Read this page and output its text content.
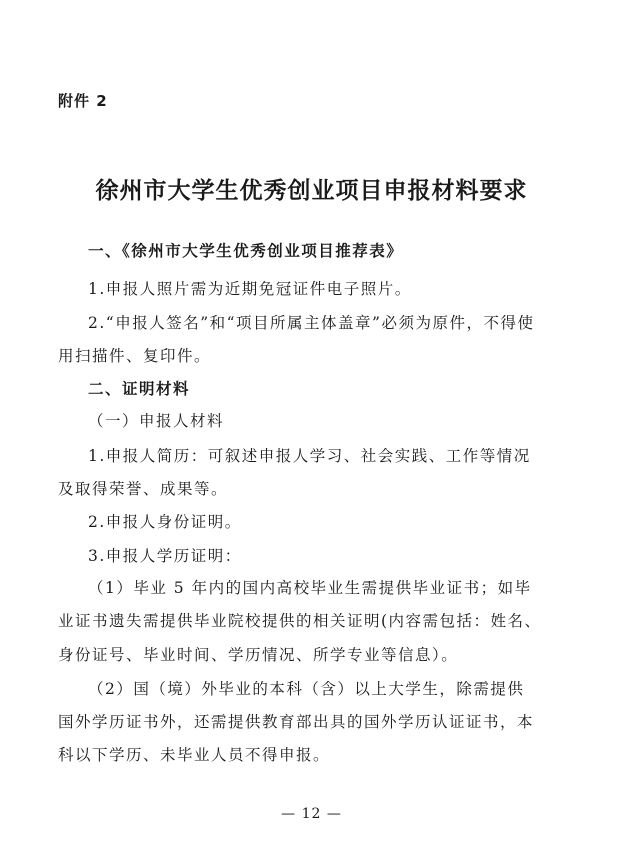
附件 2
徐州市大学生优秀创业项目申报材料要求
一、《徐州市大学生优秀创业项目推荐表》
1.申报人照片需为近期免冠证件电子照片。
2.“申报人签名”和“项目所属主体盖章”必须为原件，不得使
用扫描件、复印件。
二、证明材料
（一）申报人材料
1.申报人简历：可叙述申报人学习、社会实践、工作等情况
及取得荣誉、成果等。
2.申报人身份证明。
3.申报人学历证明：
（1）毕业 5 年内的国内高校毕业生需提供毕业证书；如毕
业证书遗失需提供毕业院校提供的相关证明(内容需包括：姓名、
身份证号、毕业时间、学历情况、所学专业等信息）。
（2）国（境）外毕业的本科（含）以上大学生，除需提供
国外学历证书外，还需提供教育部出具的国外学历认证证书，本
科以下学历、未毕业人员不得申报。
— 12 —
